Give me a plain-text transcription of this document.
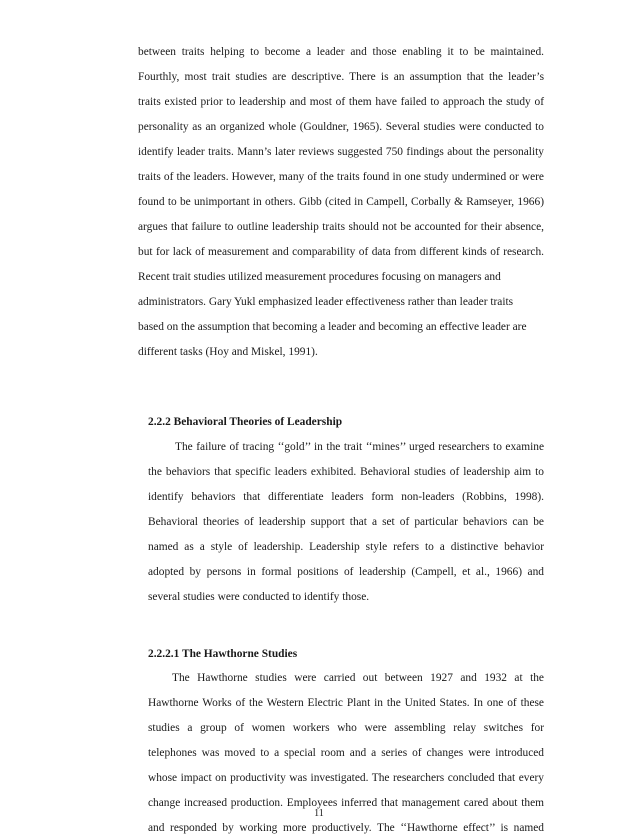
between traits helping to become a leader and those enabling it to be maintained.
Fourthly, most trait studies are descriptive. There is an assumption that the leader’s
traits existed prior to leadership and most of them have failed to approach the study of
personality as an organized whole (Gouldner, 1965). Several studies were conducted to
identify leader traits. Mann’s later reviews suggested 750 findings about the personality
traits of the leaders. However, many of the traits found in one study undermined or were
found to be unimportant in others. Gibb (cited in Campell, Corbally & Ramseyer, 1966)
argues that failure to outline leadership traits should not be accounted for their absence,
but for lack of measurement and comparability of data from different kinds of research.
Recent trait studies utilized measurement procedures focusing on managers and
administrators. Gary Yukl emphasized leader effectiveness rather than leader traits
based on the assumption that becoming a leader and becoming an effective leader are
different tasks (Hoy and Miskel, 1991).
2.2.2 Behavioral Theories of Leadership
The failure of tracing ‘‘gold’’ in the trait ‘‘mines’’ urged researchers to examine
the behaviors that specific leaders exhibited. Behavioral studies of leadership aim to
identify behaviors that differentiate leaders form non-leaders (Robbins, 1998).
Behavioral theories of leadership support that a set of particular behaviors can be
named as a style of leadership. Leadership style refers to a distinctive behavior
adopted by persons in formal positions of leadership (Campell, et al., 1966) and
several studies were conducted to identify those.
2.2.2.1 The Hawthorne Studies
The Hawthorne studies were carried out between 1927 and 1932 at the
Hawthorne Works of the Western Electric Plant in the United States. In one of these
studies a group of women workers who were assembling relay switches for
telephones was moved to a special room and a series of changes were introduced
whose impact on productivity was investigated. The researchers concluded that every
change increased production. Employees inferred that management cared about them
and responded by working more productively. The ‘‘Hawthorne effect’’ is named
11
